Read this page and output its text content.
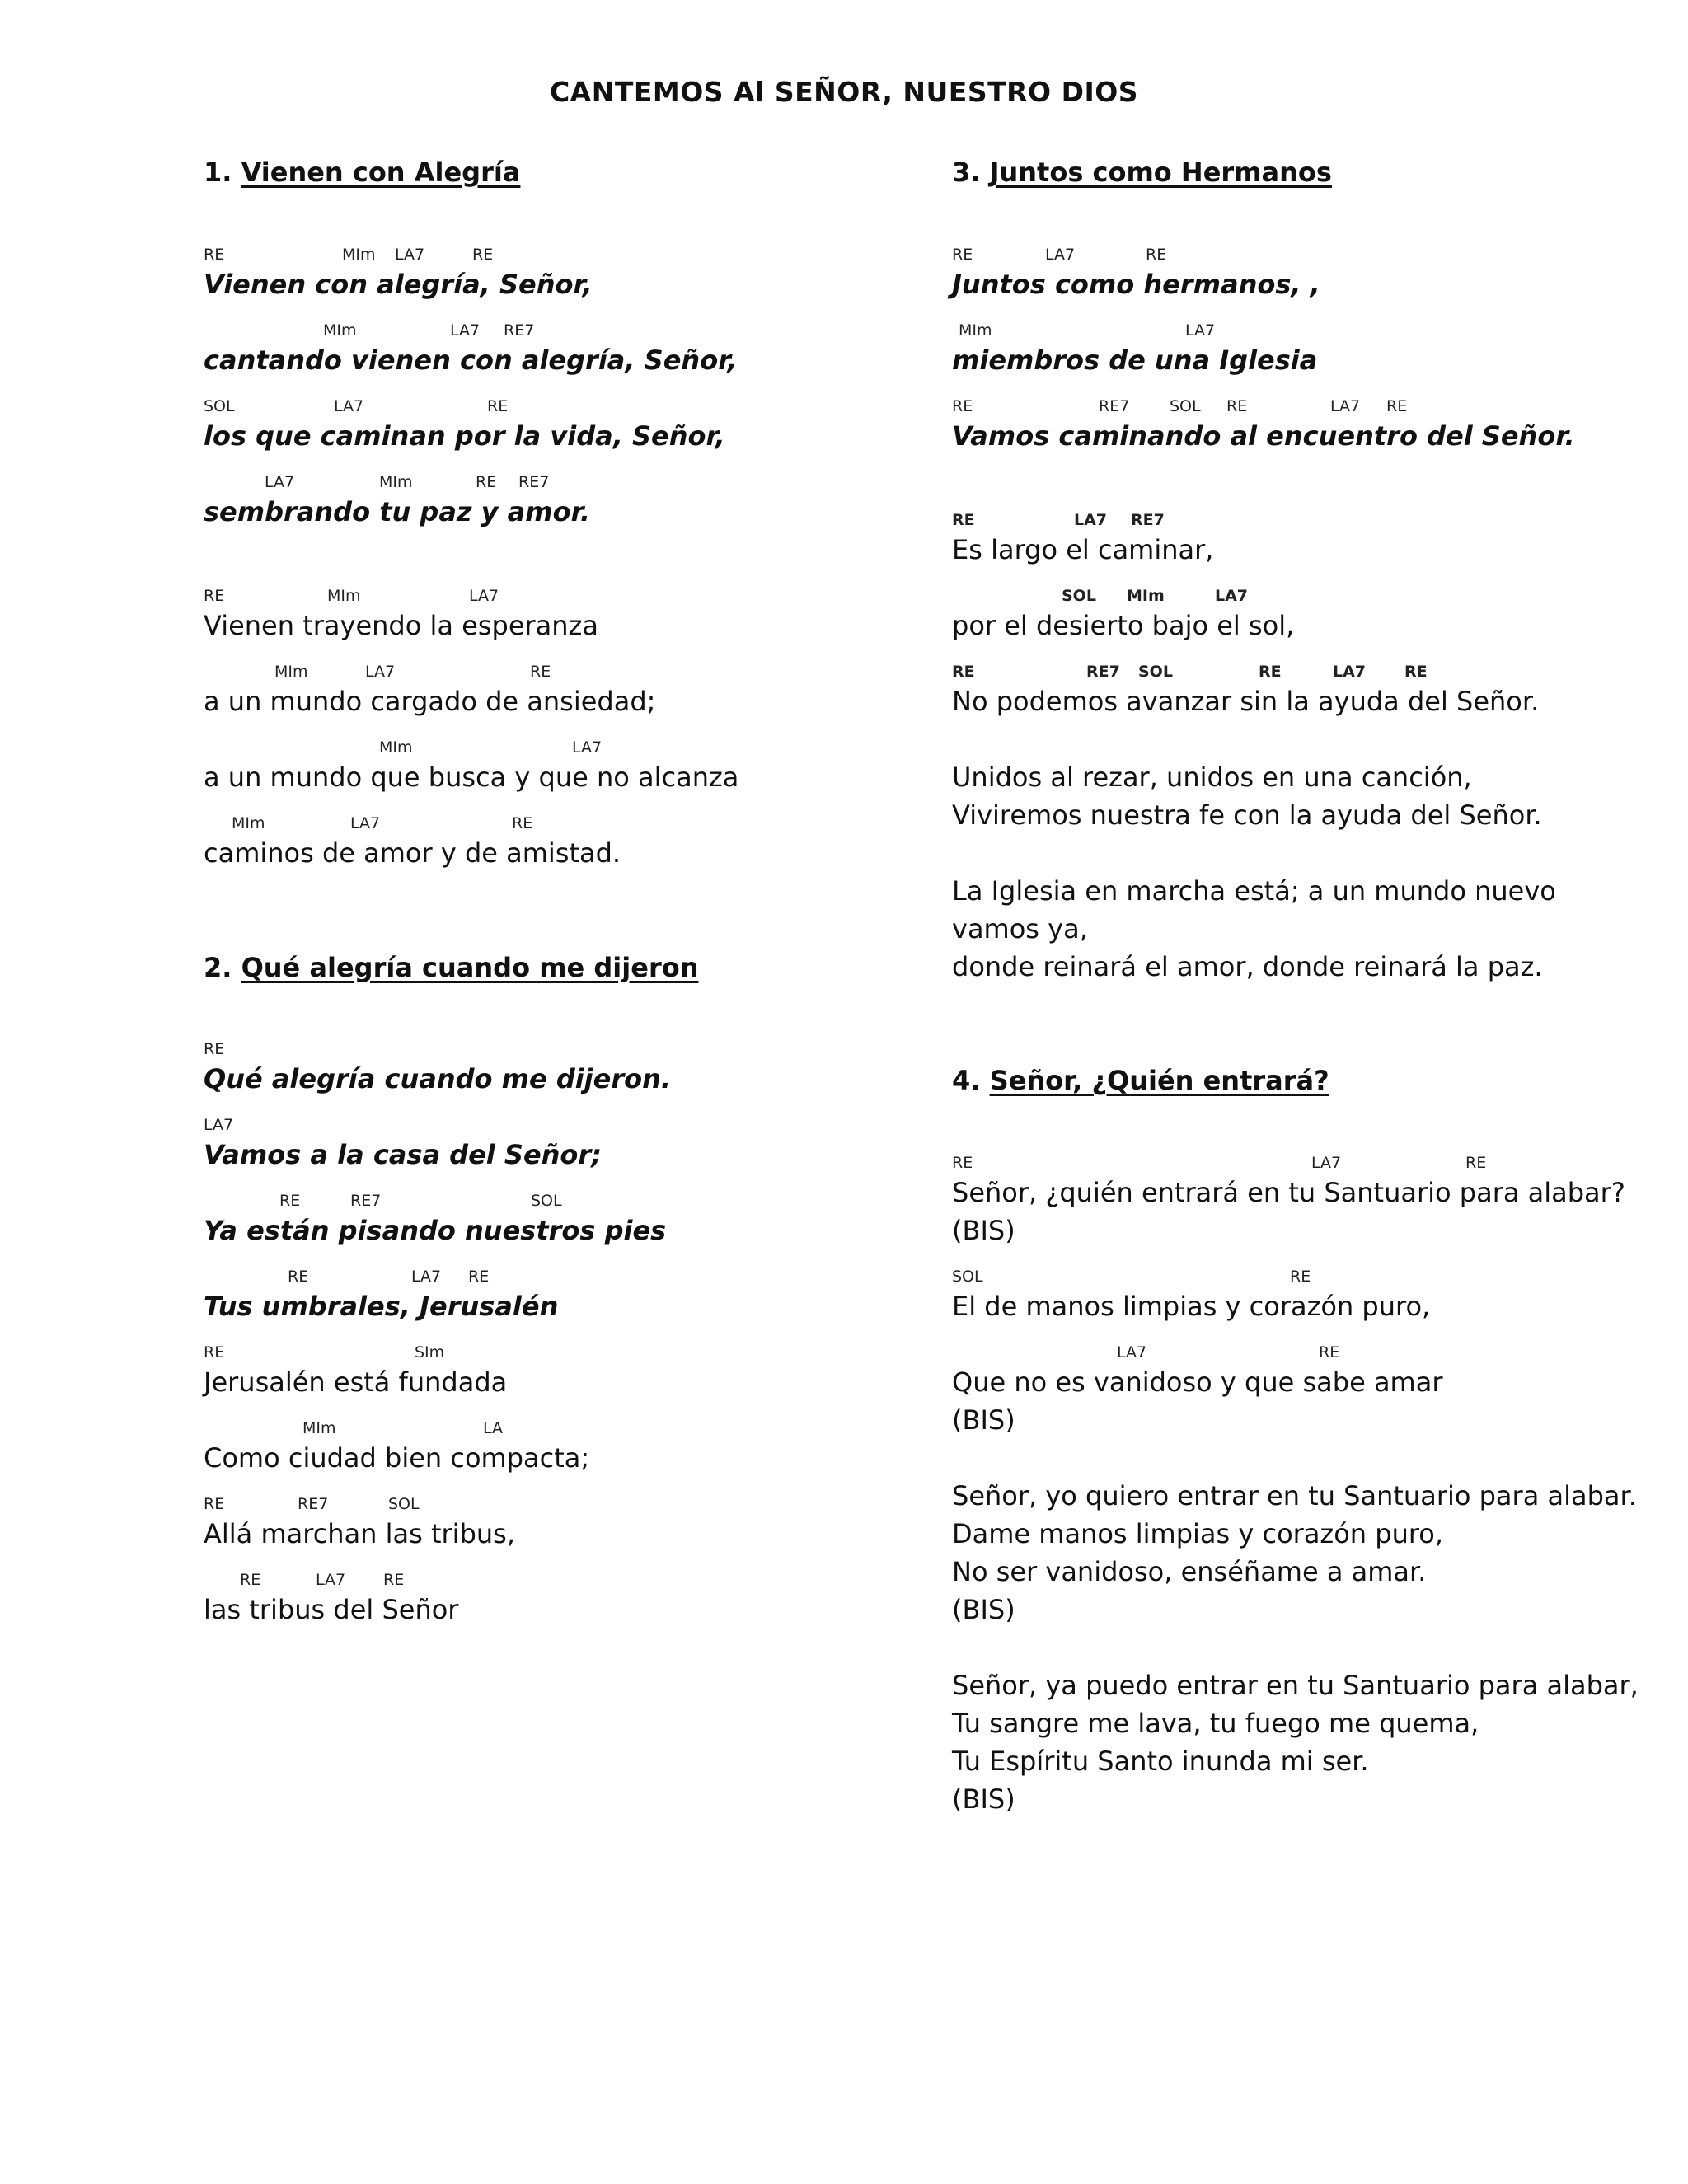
CANTEMOS Al SEÑOR, NUESTRO DIOS
1. Vienen con Alegría
RE	MIm LA7	RE
Vienen con alegría, Señor,
MIm	LA7 RE7
cantando vienen con alegría, Señor,
SOL	LA7	RE
los que caminan por la vida, Señor,
LA7	MIm	RE RE7
sembrando tu paz y amor.
RE	MIm	LA7
Vienen trayendo la esperanza
MIm	LA7	RE
a un mundo cargado de ansiedad;
MIm	LA7
a un mundo que busca y que no alcanza
MIm	LA7	RE
caminos de amor y de amistad.
2. Qué alegría cuando me dijeron
RE
Qué alegría cuando me dijeron.
LA7
Vamos a la casa del Señor;
RE	RE7	SOL
Ya están pisando nuestros pies
RE	LA7 RE
Tus umbrales, Jerusalén
RE	SIm
Jerusalén está fundada
MIm	LA
Como ciudad bien compacta;
RE	RE7	SOL
Allá marchan las tribus,
RE	LA7 RE
las tribus del Señor
3. Juntos como Hermanos
RE	LA7	RE
Juntos como hermanos, ,
MIm	LA7
miembros de una Iglesia
RE	RE7	SOL RE	LA7 RE
Vamos caminando al encuentro del Señor.
RE	LA7 RE7
Es largo el caminar,
SOL MIm	LA7
por el desierto bajo el sol,
RE	RE7 SOL	RE	LA7 RE
No podemos avanzar sin la ayuda del Señor.
Unidos al rezar, unidos en una canción,
Viviremos nuestra fe con la ayuda del Señor.
La Iglesia en marcha está; a un mundo nuevo
vamos ya,
donde reinará el amor, donde reinará la paz.
4. Señor, ¿Quién entrará?
RE	LA7	RE
Señor, ¿quién entrará en tu Santuario para alabar?
(BIS)
SOL	RE
El de manos limpias y corazón puro,
LA7	RE
Que no es vanidoso y que sabe amar
(BIS)
Señor, yo quiero entrar en tu Santuario para alabar.
Dame manos limpias y corazón puro,
No ser vanidoso, enséñame a amar.
(BIS)
Señor, ya puedo entrar en tu Santuario para alabar,
Tu sangre me lava, tu fuego me quema,
Tu Espíritu Santo inunda mi ser.
(BIS)
